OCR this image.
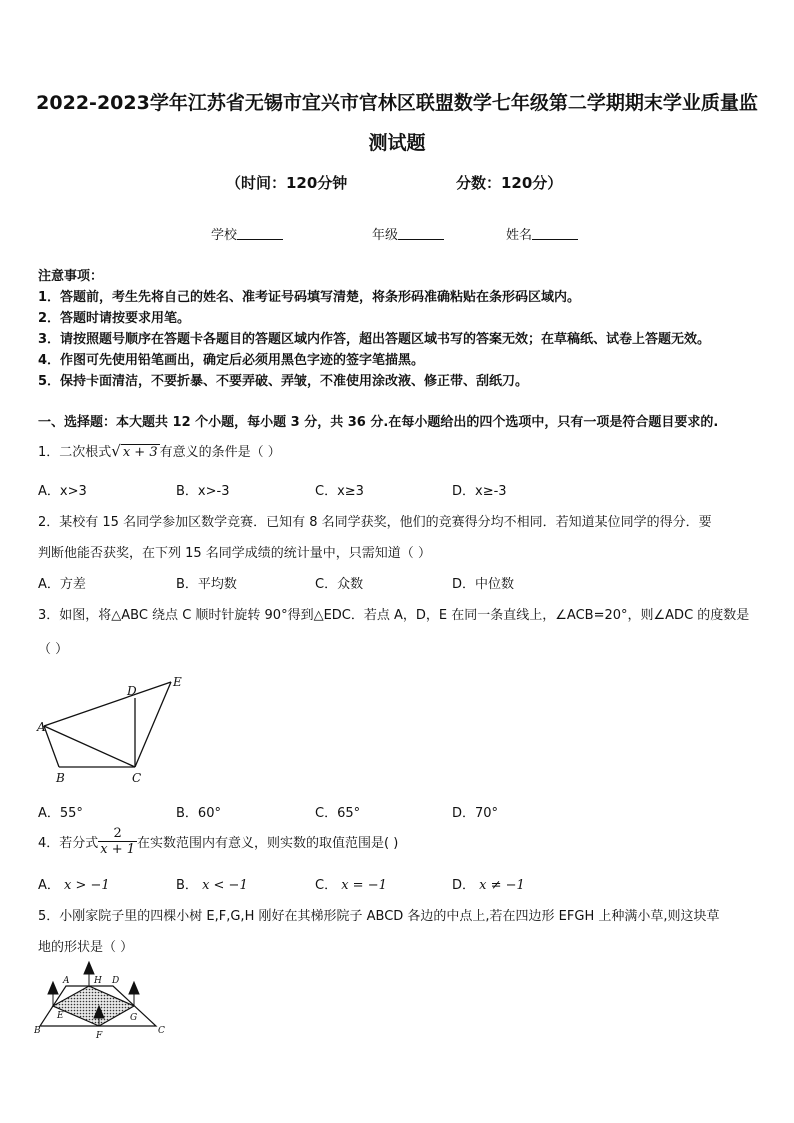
2022-2023学年江苏省无锡市宜兴市官林区联盟数学七年级第二学期期末学业质量监
测试题
（时间：120分钟	分数：120分）
学校	年级	姓名
注意事项：
1．答题前，考生先将自己的姓名、准考证号码填写清楚，将条形码准确粘贴在条形码区域内。
2．答题时请按要求用笔。
3．请按照题号顺序在答题卡各题目的答题区域内作答，超出答题区域书写的答案无效；在草稿纸、试卷上答题无效。
4．作图可先使用铅笔画出，确定后必须用黑色字迹的签字笔描黑。
5．保持卡面清洁，不要折暴、不要弄破、弄皱，不准使用涂改液、修正带、刮纸刀。
一、选择题：本大题共 12 个小题，每小题 3 分，共 36 分.在每小题给出的四个选项中，只有一项是符合题目要求的.
1．二次根式√ x + 3 有意义的条件是（ ）
A．x>3	B．x>-3	C．x≥3	D．x≥-3
2．某校有 15 名同学参加区数学竞赛．已知有 8 名同学获奖，他们的竞赛得分均不相同．若知道某位同学的得分．要
判断他能否获奖，在下列 15 名同学成绩的统计量中，只需知道（ ）
A．方差	B．平均数	C．众数	D．中位数
3．如图，将△ABC 绕点 C 顺时针旋转 90°得到△EDC．若点 A，D，E 在同一条直线上，∠ACB=20°，则∠ADC 的度数是
（ ）
A
B	C
D
E
A．55°	B．60°	C．65°	D．70°
4．若分式 $\frac{2}{x + 1}$ 在实数范围内有意义，则实数的取值范围是( )
A． x > −1	B． x < −1	C． x = −1	D． x ≠ −1
5．小刚家院子里的四棵小树 E,F,G,H 刚好在其梯形院子 ABCD 各边的中点上,若在四边形 EFGH 上种满小草,则这块草
地的形状是（ ）
A	D
H
B	C
E	G
F
